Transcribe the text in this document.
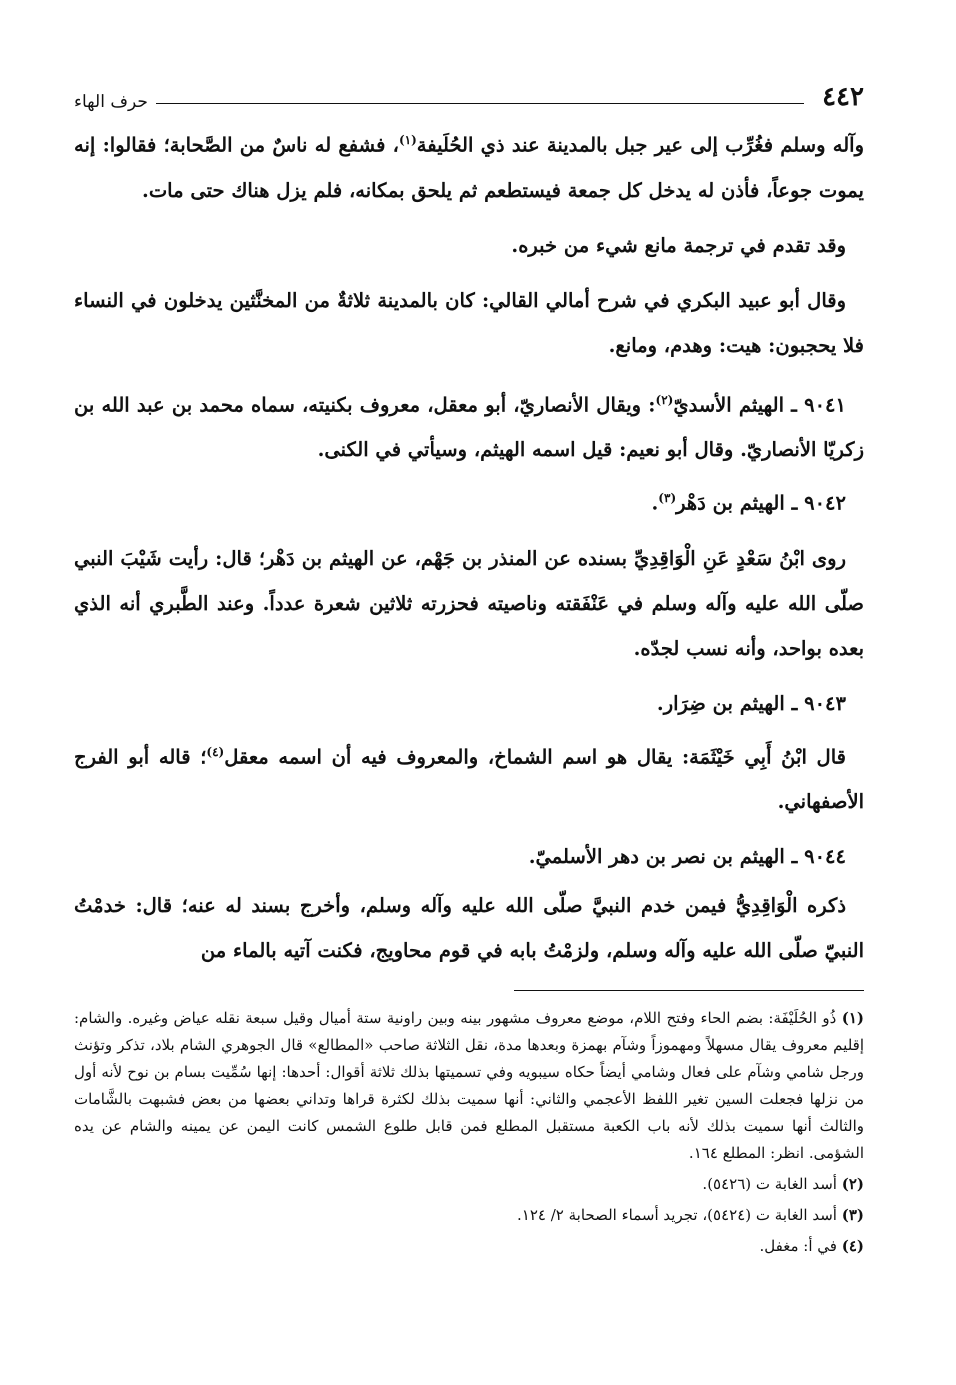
٤٤٢
حرف الهاء

وآله وسلم فغُرِّب إلى عير جبل بالمدينة عند ذي الحُلَيفة$^{(١)}$، فشفع له ناسٌ من الصَّحابة؛ فقالوا: إنه يموت جوعاً، فأذن له يدخل كل جمعة فيستطعم ثم يلحق بمكانه، فلم يزل هناك حتى مات.

وقد تقدم في ترجمة مانع شيء من خبره.

وقال أبو عبيد البكري في شرح أمالي القالي: كان بالمدينة ثلاثةٌ من المخنَّثين يدخلون في النساء فلا يحجبون: هيت: وهدم، ومانع.

٩٠٤١ ـ الهيثم الأسديّ$^{(٢)}$: ويقال الأنصاريّ، أبو معقل، معروف بكنيته، سماه محمد بن عبد الله بن زكريّا الأنصاريّ. وقال أبو نعيم: قيل اسمه الهيثم، وسيأتي في الكنى.

٩٠٤٢ ـ الهيثم بن دَهْر$^{(٣)}$.

روى ابْنُ سَعْدٍ عَنِ الْوَاقِدِيِّ بسنده عن المنذر بن جَهْم، عن الهيثم بن دَهْر؛ قال: رأيت شَيْبَ النبي صلّى الله عليه وآله وسلم في عَنْفَقته وناصيته فحزرته ثلاثين شعرة عدداً. وعند الطَّبري أنه الذي بعده بواحد، وأنه نسب لجدّه.

٩٠٤٣ ـ الهيثم بن ضِرَار.

قال ابْنُ أَبِي خَيْثَمَة: يقال هو اسم الشماخ، والمعروف فيه أن اسمه معقل$^{(٤)}$؛ قاله أبو الفرج الأصفهاني.

٩٠٤٤ ـ الهيثم بن نصر بن دهر الأسلميّ.

ذكره الْوَاقِدِيُّ فيمن خدم النبيَّ صلّى الله عليه وآله وسلم، وأخرج بسند له عنه؛ قال: خدمْتُ النبيّ صلّى الله عليه وآله وسلم، ولزمْتُ بابه في قوم محاويج، فكنت آتيه بالماء من

(١) ذُو الحُلَيْفَة: بضم الحاء وفتح اللام، موضع معروف مشهور بينه وبين راونية ستة أميال وقيل سبعة نقله عياض وغيره. والشام: إقليم معروف يقال مسهلاً ومهموزاً وشآم بهمزة وبعدها مدة، نقل الثلاثة صاحب «المطالع» قال الجوهري الشام بلاد، تذكر وتؤنث ورجل شامي وشآم على فعال وشامي أيضاً حكاه سيبويه وفي تسميتها بذلك ثلاثة أقوال: أحدها: إنها سُمِّيت بسام بن نوح لأنه أول من نزلها فجعلت السين تغير اللفظ الأعجمي والثاني: أنها سميت بذلك لكثرة قراها وتداني بعضها من بعض فشبهت بالشَّامات والثالث أنها سميت بذلك لأنه باب الكعبة مستقبل المطلع فمن قابل طلوع الشمس كانت اليمن عن يمينه والشام عن يده الشؤمى. انظر: المطلع ١٦٤.

(٢) أسد الغابة ت (٥٤٢٦).

(٣) أسد الغابة ت (٥٤٢٤)، تجريد أسماء الصحابة ٢/ ١٢٤.

(٤) في أ: مغفل.
